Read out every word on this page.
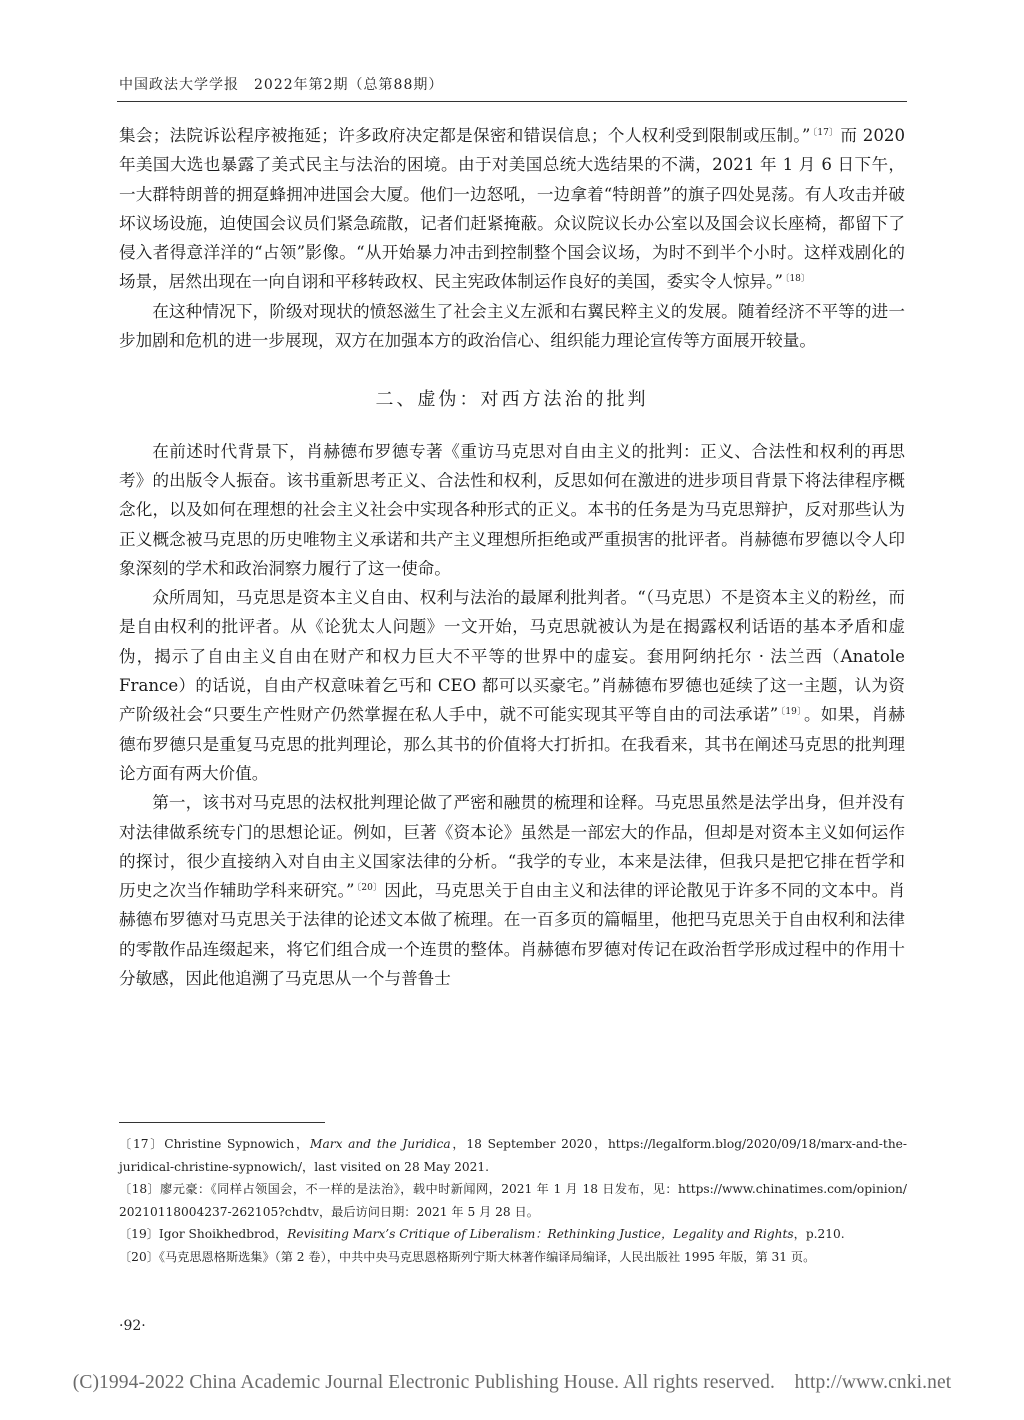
中国政法大学学报　2022年第2期（总第88期）

集会；法院诉讼程序被拖延；许多政府决定都是保密和错误信息；个人权利受到限制或压制。” $^{〔17〕}$ 而 2020 年美国大选也暴露了美式民主与法治的困境。由于对美国总统大选结果的不满，2021 年 1 月 6 日下午，一大群特朗普的拥趸蜂拥冲进国会大厦。他们一边怒吼，一边拿着“特朗普”的旗子四处晃荡。有人攻击并破坏议场设施，迫使国会议员们紧急疏散，记者们赶紧掩蔽。众议院议长办公室以及国会议长座椅，都留下了侵入者得意洋洋的“占领”影像。“从开始暴力冲击到控制整个国会议场，为时不到半个小时。这样戏剧化的场景，居然出现在一向自诩和平移转政权、民主宪政体制运作良好的美国，委实令人惊异。” $^{〔18〕}$

在这种情况下，阶级对现状的愤怒滋生了社会主义左派和右翼民粹主义的发展。随着经济不平等的进一步加剧和危机的进一步展现，双方在加强本方的政治信心、组织能力理论宣传等方面展开较量。

二、虚伪：对西方法治的批判

在前述时代背景下，肖赫德布罗德专著《重访马克思对自由主义的批判：正义、合法性和权利的再思考》的出版令人振奋。该书重新思考正义、合法性和权利，反思如何在激进的进步项目背景下将法律程序概念化，以及如何在理想的社会主义社会中实现各种形式的正义。本书的任务是为马克思辩护，反对那些认为正义概念被马克思的历史唯物主义承诺和共产主义理想所拒绝或严重损害的批评者。肖赫德布罗德以令人印象深刻的学术和政治洞察力履行了这一使命。

众所周知，马克思是资本主义自由、权利与法治的最犀利批判者。“（马克思）不是资本主义的粉丝，而是自由权利的批评者。从《论犹太人问题》一文开始，马克思就被认为是在揭露权利话语的基本矛盾和虚伪，揭示了自由主义自由在财产和权力巨大不平等的世界中的虚妄。套用阿纳托尔 · 法兰西（Anatole France）的话说，自由产权意味着乞丐和 CEO 都可以买豪宅。”肖赫德布罗德也延续了这一主题，认为资产阶级社会“只要生产性财产仍然掌握在私人手中，就不可能实现其平等自由的司法承诺” $^{〔19〕}$ 。如果，肖赫德布罗德只是重复马克思的批判理论，那么其书的价值将大打折扣。在我看来，其书在阐述马克思的批判理论方面有两大价值。

第一，该书对马克思的法权批判理论做了严密和融贯的梳理和诠释。马克思虽然是法学出身，但并没有对法律做系统专门的思想论证。例如，巨著《资本论》虽然是一部宏大的作品，但却是对资本主义如何运作的探讨，很少直接纳入对自由主义国家法律的分析。“我学的专业，本来是法律，但我只是把它排在哲学和历史之次当作辅助学科来研究。” $^{〔20〕}$ 因此，马克思关于自由主义和法律的评论散见于许多不同的文本中。肖赫德布罗德对马克思关于法律的论述文本做了梳理。在一百多页的篇幅里，他把马克思关于自由权利和法律的零散作品连缀起来，将它们组合成一个连贯的整体。肖赫德布罗德对传记在政治哲学形成过程中的作用十分敏感，因此他追溯了马克思从一个与普鲁士

〔17〕Christine Sypnowich，Marx and the Juridica，18 September 2020，https://legalform.blog/2020/09/18/marx-and-the-juridical-christine-sypnowich/，last visited on 28 May 2021.

〔18〕廖元豪：《同样占领国会，不一样的是法治》，载中时新闻网，2021 年 1 月 18 日发布，见：https://www.chinatimes.com/opinion/ 20210118004237-262105?chdtv，最后访问日期：2021 年 5 月 28 日。

〔19〕Igor Shoikhedbrod，Revisiting Marx’s Critique of Liberalism：Rethinking Justice，Legality and Rights，p.210.

〔20〕《马克思恩格斯选集》（第 2 卷），中共中央马克思恩格斯列宁斯大林著作编译局编译，人民出版社 1995 年版，第 31 页。

·92·
(C)1994-2022 China Academic Journal Electronic Publishing House. All rights reserved.　http://www.cnki.net
